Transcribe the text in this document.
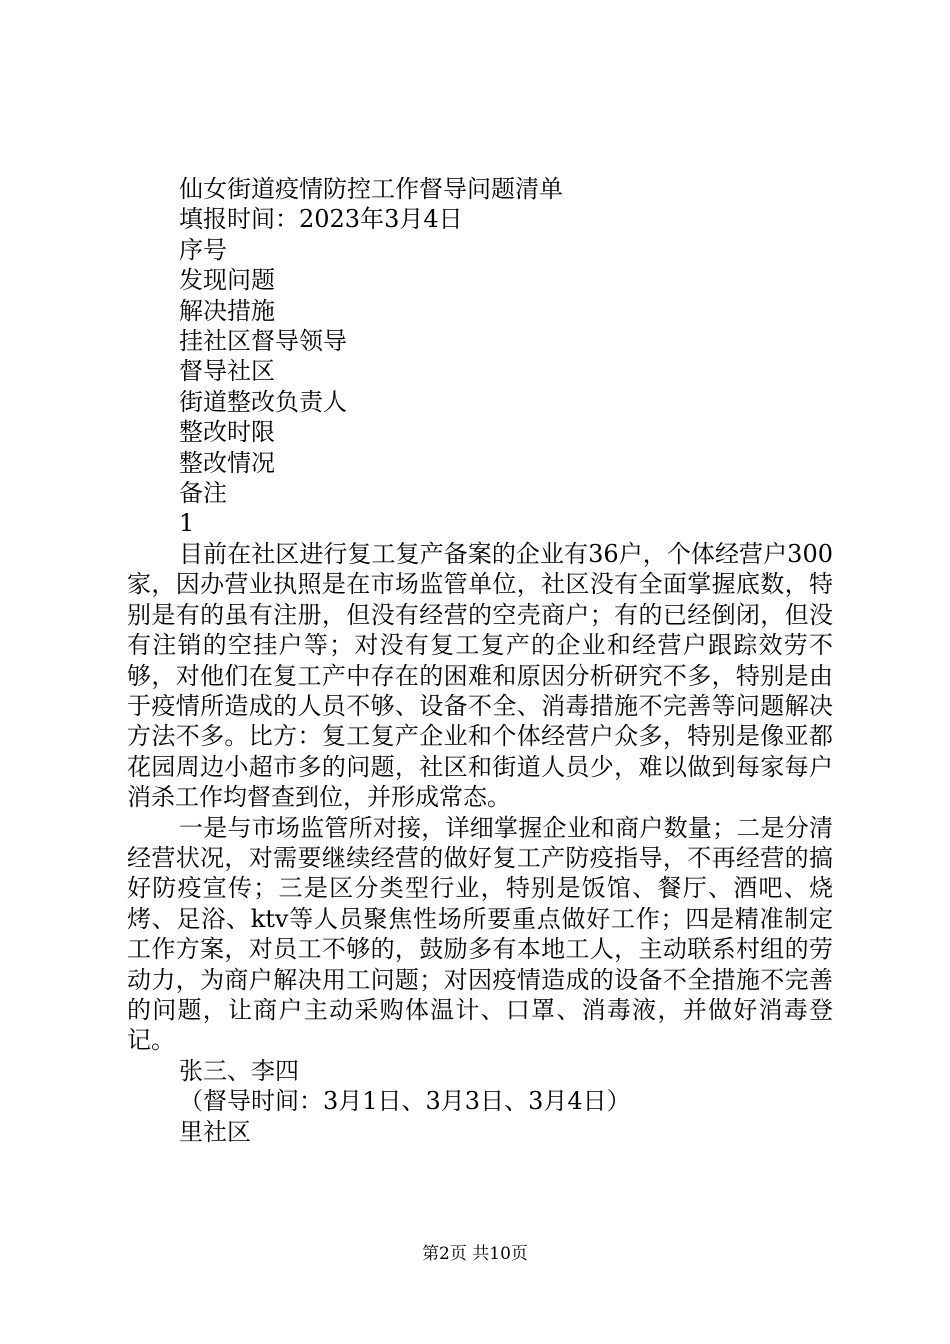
仙女街道疫情防控工作督导问题清单
填报时间：2023年3月4日
序号
发现问题
解决措施
挂社区督导领导
督导社区
街道整改负责人
整改时限
整改情况
备注
1
目前在社区进行复工复产备案的企业有36户，个体经营户300家，因办营业执照是在市场监管单位，社区没有全面掌握底数，特别是有的虽有注册，但没有经营的空壳商户；有的已经倒闭，但没有注销的空挂户等；对没有复工复产的企业和经营户跟踪效劳不够，对他们在复工产中存在的困难和原因分析研究不多，特别是由于疫情所造成的人员不够、设备不全、消毒措施不完善等问题解决方法不多。比方：复工复产企业和个体经营户众多，特别是像亚都花园周边小超市多的问题，社区和街道人员少，难以做到每家每户消杀工作均督查到位，并形成常态。
一是与市场监管所对接，详细掌握企业和商户数量；二是分清经营状况，对需要继续经营的做好复工产防疫指导，不再经营的搞好防疫宣传；三是区分类型行业，特别是饭馆、餐厅、酒吧、烧烤、足浴、ktv等人员聚焦性场所要重点做好工作；四是精准制定工作方案，对员工不够的，鼓励多有本地工人，主动联系村组的劳动力，为商户解决用工问题；对因疫情造成的设备不全措施不完善的问题，让商户主动采购体温计、口罩、消毒液，并做好消毒登记。
张三、李四
（督导时间：3月1日、3月3日、3月4日）
里社区
第2页 共10页
